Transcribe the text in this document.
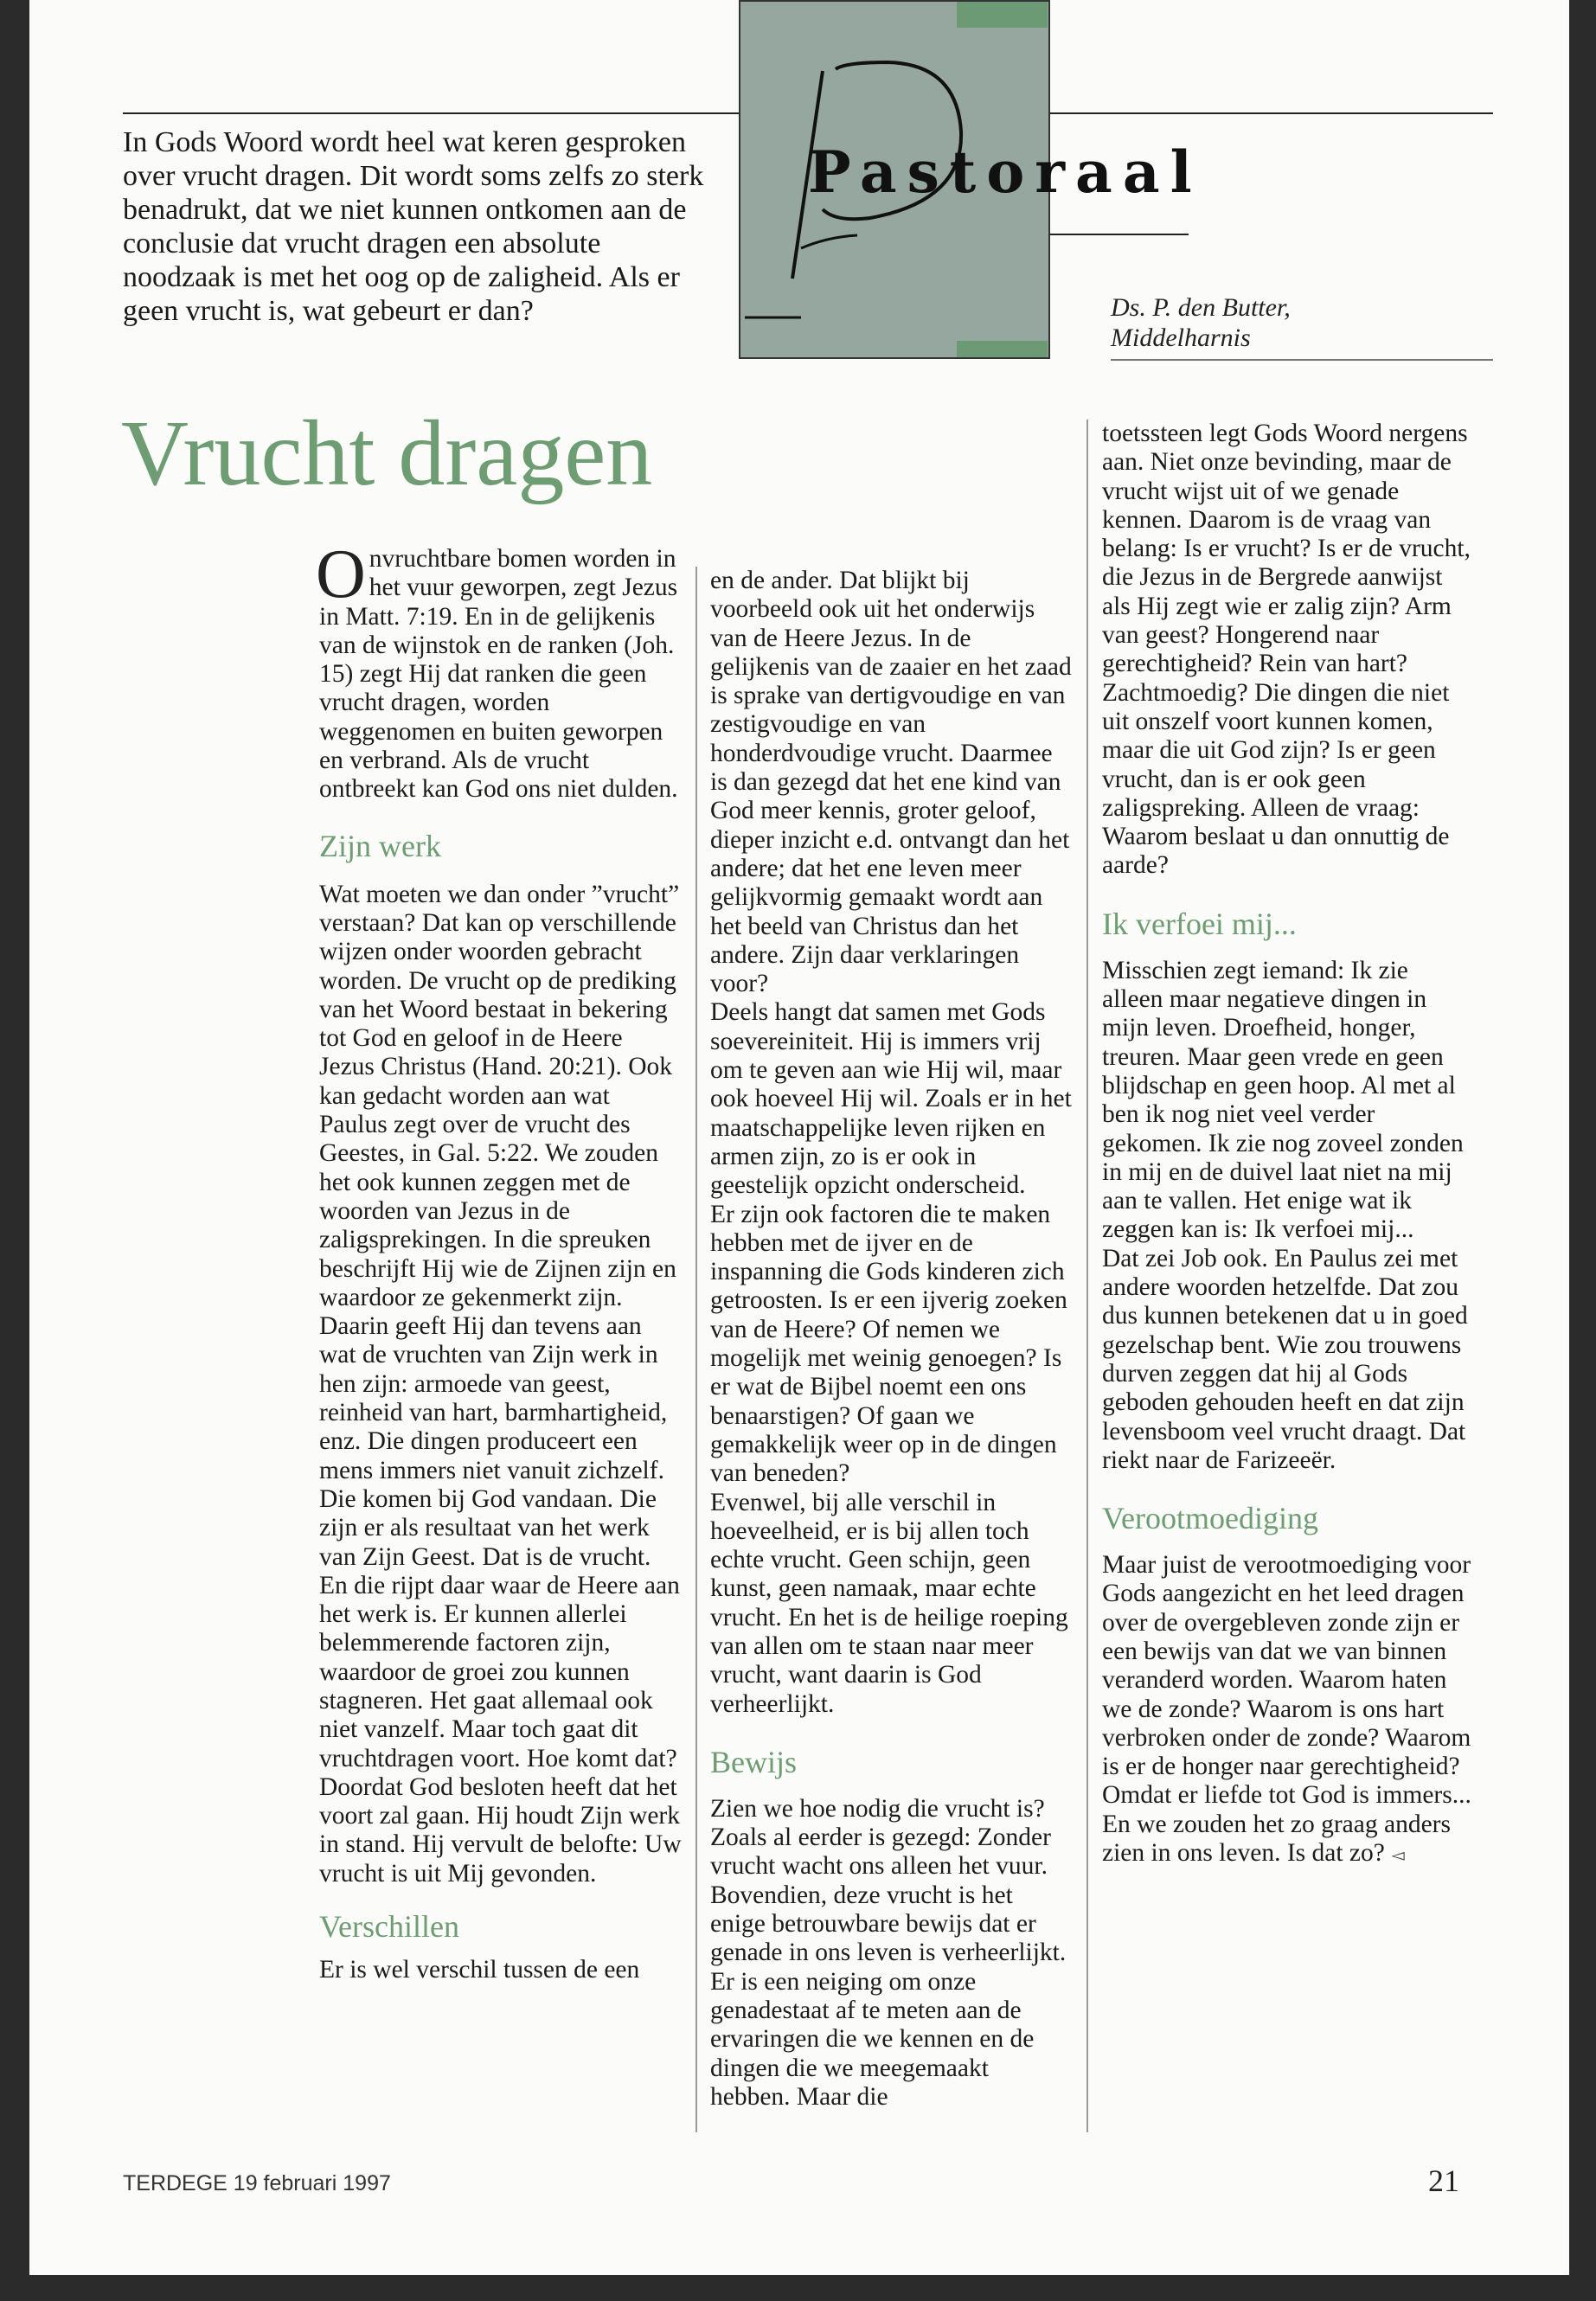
In Gods Woord wordt heel wat keren gesproken over vrucht dragen. Dit wordt soms zelfs zo sterk benadrukt, dat we niet kunnen ontkomen aan de conclusie dat vrucht dragen een absolute noodzaak is met het oog op de zaligheid. Als er geen vrucht is, wat gebeurt er dan?
P
Pastoraal
Ds. P. den Butter,
Middelharnis
Vrucht dragen

Onvruchtbare bomen worden in het vuur geworpen, zegt Jezus in Matt. 7:19. En in de gelijkenis van de wijnstok en de ranken (Joh. 15) zegt Hij dat ranken die geen vrucht dragen, worden weggenomen en buiten geworpen en verbrand. Als de vrucht ontbreekt kan God ons niet dulden.

Zijn werk

Wat moeten we dan onder ”vrucht” verstaan? Dat kan op verschillende wijzen onder woorden gebracht worden. De vrucht op de prediking van het Woord bestaat in bekering tot God en geloof in de Heere Jezus Christus (Hand. 20:21). Ook kan gedacht worden aan wat Paulus zegt over de vrucht des Geestes, in Gal. 5:22. We zouden het ook kunnen zeggen met de woorden van Jezus in de zaligsprekingen. In die spreuken beschrijft Hij wie de Zijnen zijn en waardoor ze gekenmerkt zijn. Daarin geeft Hij dan tevens aan wat de vruchten van Zijn werk in hen zijn: armoede van geest, reinheid van hart, barmhartigheid, enz. Die dingen produceert een mens immers niet vanuit zichzelf. Die komen bij God vandaan. Die zijn er als resultaat van het werk van Zijn Geest. Dat is de vrucht. En die rijpt daar waar de Heere aan het werk is. Er kunnen allerlei belemmerende factoren zijn, waardoor de groei zou kunnen stagneren. Het gaat allemaal ook niet vanzelf. Maar toch gaat dit vruchtdragen voort. Hoe komt dat? Doordat God besloten heeft dat het voort zal gaan. Hij houdt Zijn werk in stand. Hij vervult de belofte: Uw vrucht is uit Mij gevonden.

Verschillen

Er is wel verschil tussen de een

en de ander. Dat blijkt bij voorbeeld ook uit het onderwijs van de Heere Jezus. In de gelijkenis van de zaaier en het zaad is sprake van dertigvoudige en van zestigvoudige en van honderdvoudige vrucht. Daarmee is dan gezegd dat het ene kind van God meer kennis, groter geloof, dieper inzicht e.d. ontvangt dan het andere; dat het ene leven meer gelijkvormig gemaakt wordt aan het beeld van Christus dan het andere. Zijn daar verklaringen voor?

Deels hangt dat samen met Gods soevereiniteit. Hij is immers vrij om te geven aan wie Hij wil, maar ook hoeveel Hij wil. Zoals er in het maatschappelijke leven rijken en armen zijn, zo is er ook in geestelijk opzicht onderscheid.

Er zijn ook factoren die te maken hebben met de ijver en de inspanning die Gods kinderen zich getroosten. Is er een ijverig zoeken van de Heere? Of nemen we mogelijk met weinig genoegen? Is er wat de Bijbel noemt een ons benaarstigen? Of gaan we gemakkelijk weer op in de dingen van beneden?

Evenwel, bij alle verschil in hoeveelheid, er is bij allen toch echte vrucht. Geen schijn, geen kunst, geen namaak, maar echte vrucht. En het is de heilige roeping van allen om te staan naar meer vrucht, want daarin is God verheerlijkt.

Bewijs

Zien we hoe nodig die vrucht is? Zoals al eerder is gezegd: Zonder vrucht wacht ons alleen het vuur. Bovendien, deze vrucht is het enige betrouwbare bewijs dat er genade in ons leven is verheerlijkt. Er is een neiging om onze genadestaat af te meten aan de ervaringen die we kennen en de dingen die we meegemaakt hebben. Maar die

toetssteen legt Gods Woord nergens aan. Niet onze bevinding, maar de vrucht wijst uit of we genade kennen. Daarom is de vraag van belang: Is er vrucht? Is er de vrucht, die Jezus in de Bergrede aanwijst als Hij zegt wie er zalig zijn? Arm van geest? Hongerend naar gerechtigheid? Rein van hart? Zachtmoedig? Die dingen die niet uit onszelf voort kunnen komen, maar die uit God zijn? Is er geen vrucht, dan is er ook geen zaligspreking. Alleen de vraag: Waarom beslaat u dan onnuttig de aarde?

Ik verfoei mij...

Misschien zegt iemand: Ik zie alleen maar negatieve dingen in mijn leven. Droefheid, honger, treuren. Maar geen vrede en geen blijdschap en geen hoop. Al met al ben ik nog niet veel verder gekomen. Ik zie nog zoveel zonden in mij en de duivel laat niet na mij aan te vallen. Het enige wat ik zeggen kan is: Ik verfoei mij...

Dat zei Job ook. En Paulus zei met andere woorden hetzelfde. Dat zou dus kunnen betekenen dat u in goed gezelschap bent. Wie zou trouwens durven zeggen dat hij al Gods geboden gehouden heeft en dat zijn levensboom veel vrucht draagt. Dat riekt naar de Farizeeër.

Verootmoediging

Maar juist de verootmoediging voor Gods aangezicht en het leed dragen over de overgebleven zonde zijn er een bewijs van dat we van binnen veranderd worden. Waarom haten we de zonde? Waarom is ons hart verbroken onder de zonde? Waarom is er de honger naar gerechtigheid? Omdat er liefde tot God is immers... En we zouden het zo graag anders zien in ons leven. Is dat zo? ◅

TERDEGE 19 februari 1997	21
